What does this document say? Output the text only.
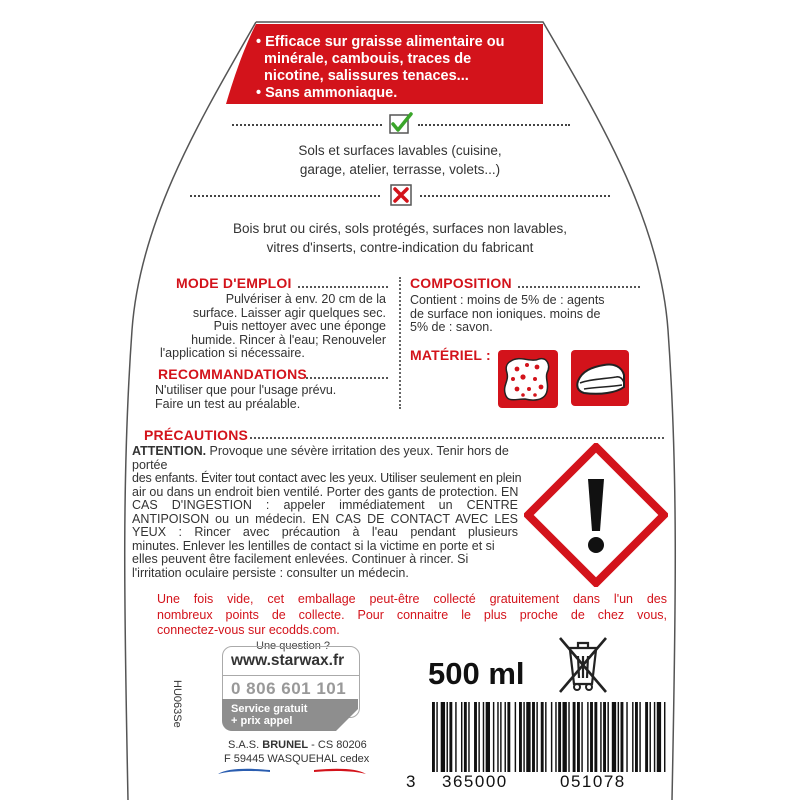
• Efficace sur graisse alimentaire ou

minérale, cambouis, traces de

nicotine, salissures tenaces...

• Sans ammoniaque.

Sols et surfaces lavables (cuisine,
garage, atelier, terrasse, volets...)
Bois brut ou cirés, sols protégés, surfaces non lavables,
vitres d'inserts, contre-indication du fabricant
MODE D'EMPLOI

Pulvériser à env. 20 cm de la

surface. Laisser agir quelques sec.

Puis nettoyer avec une éponge

humide. Rincer à l'eau; Renouveler

l'application si nécessaire.

RECOMMANDATIONS

N'utiliser que pour l'usage prévu.

Faire un test au préalable.

COMPOSITION

Contient : moins de 5% de : agents

de surface non ioniques. moins de

5% de : savon.

MATÉRIEL :
PRÉCAUTIONS

ATTENTION. Provoque une sévère irritation des yeux. Tenir hors de portée

des enfants. Éviter tout contact avec les yeux. Utiliser seulement en plein

air ou dans un endroit bien ventilé. Porter des gants de protection. EN

CAS D'INGESTION : appeler immédiatement un CENTRE

ANTIPOISON ou un médecin. EN CAS DE CONTACT AVEC LES

YEUX : Rincer avec précaution à l'eau pendant plusieurs

minutes. Enlever les lentilles de contact si la victime en porte et si

elles peuvent être facilement enlevées. Continuer à rincer. Si

l'irritation oculaire persiste : consulter un médecin.

Une fois vide, cet emballage peut-être collecté gratuitement dans l'un des

nombreux points de collecte. Pour connaitre le plus proche de chez vous,

connectez-vous sur ecodds.com.

HU063Se
Une question ?
www.starwax.fr
0 806 601 101
Service gratuit
+ prix appel
S.A.S. BRUNEL - CS 80206
F 59445 WASQUEHAL cedex
500 ml
3 365000	051078
